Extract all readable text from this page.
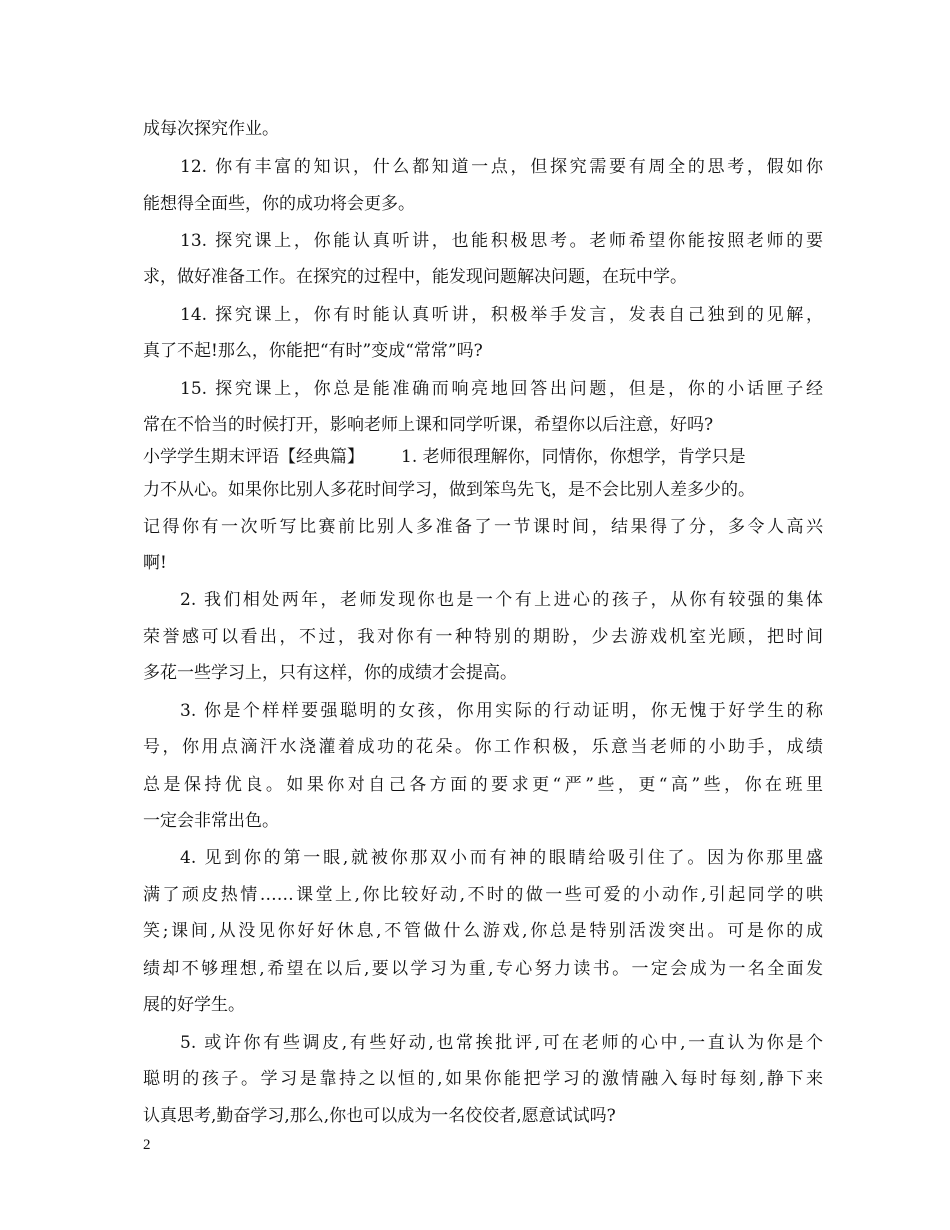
成每次探究作业。
12. 你有丰富的知识，什么都知道一点，但探究需要有周全的思考，假如你
能想得全面些，你的成功将会更多。
13. 探究课上，你能认真听讲，也能积极思考。老师希望你能按照老师的要
求，做好准备工作。在探究的过程中，能发现问题解决问题，在玩中学。
14. 探究课上，你有时能认真听讲，积极举手发言，发表自己独到的见解，
真了不起!那么，你能把“有时”变成“常常”吗?
15. 探究课上，你总是能准确而响亮地回答出问题，但是，你的小话匣子经
常在不恰当的时候打开，影响老师上课和同学听课，希望你以后注意，好吗?
小学学生期末评语【经典篇】 1. 老师很理解你，同情你，你想学，肯学只是
力不从心。如果你比别人多花时间学习，做到笨鸟先飞，是不会比别人差多少的。
记得你有一次听写比赛前比别人多准备了一节课时间，结果得了分，多令人高兴
啊!
2. 我们相处两年，老师发现你也是一个有上进心的孩子，从你有较强的集体
荣誉感可以看出，不过，我对你有一种特别的期盼，少去游戏机室光顾，把时间
多花一些学习上，只有这样，你的成绩才会提高。
3. 你是个样样要强聪明的女孩，你用实际的行动证明，你无愧于好学生的称
号，你用点滴汗水浇灌着成功的花朵。你工作积极，乐意当老师的小助手，成绩
总是保持优良。如果你对自己各方面的要求更“严”些，更“高”些，你在班里
一定会非常出色。
4. 见到你的第一眼,就被你那双小而有神的眼睛给吸引住了。因为你那里盛
满了顽皮热情……课堂上,你比较好动,不时的做一些可爱的小动作,引起同学的哄
笑;课间,从没见你好好休息,不管做什么游戏,你总是特别活泼突出。可是你的成
绩却不够理想,希望在以后,要以学习为重,专心努力读书。一定会成为一名全面发
展的好学生。
5. 或许你有些调皮,有些好动,也常挨批评,可在老师的心中,一直认为你是个
聪明的孩子。学习是靠持之以恒的,如果你能把学习的激情融入每时每刻,静下来
认真思考,勤奋学习,那么,你也可以成为一名佼佼者,愿意试试吗?
2
